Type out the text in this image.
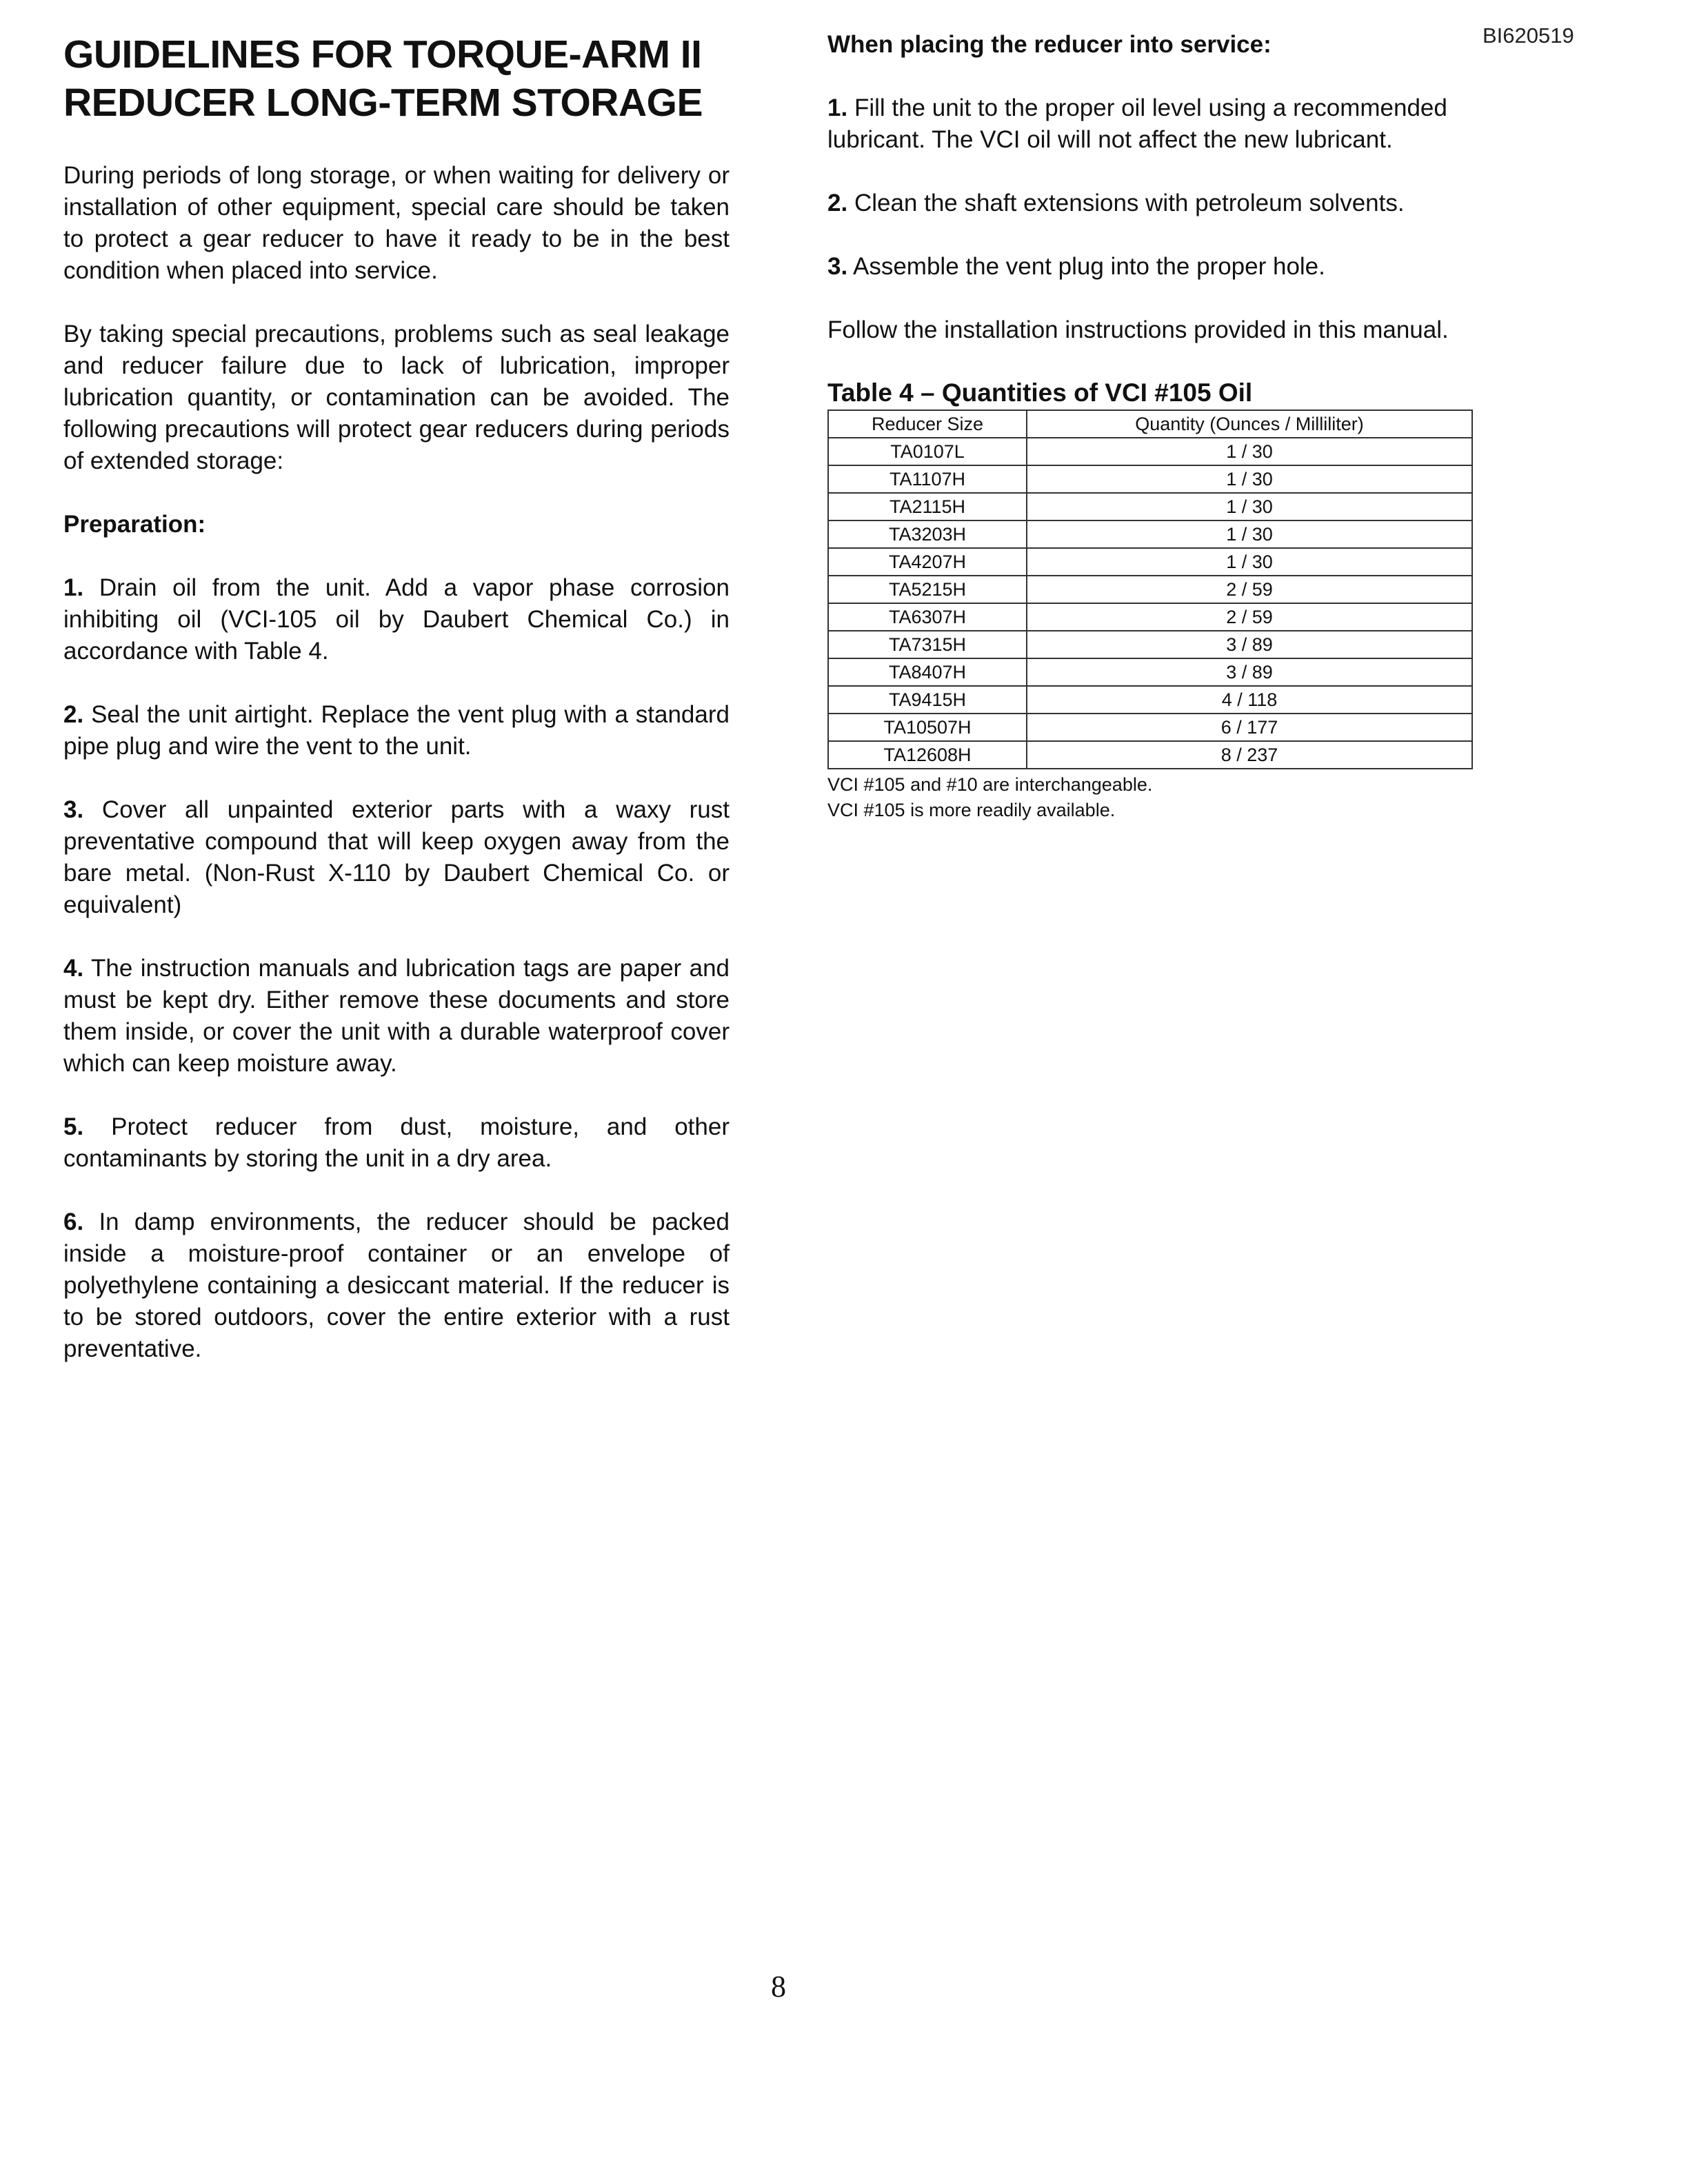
BI620519
GUIDELINES FOR TORQUE-ARM II
REDUCER LONG-TERM STORAGE

During periods of long storage, or when waiting for delivery or installation of other equipment, special care should be taken to protect a gear reducer to have it ready to be in the best condition when placed into service.

By taking special precautions, problems such as seal leakage and reducer failure due to lack of lubrication, improper lubrication quantity, or contamination can be avoided. The following precautions will protect gear reducers during periods of extended storage:

Preparation:

1. Drain oil from the unit. Add a vapor phase corrosion inhibiting oil (VCI-105 oil by Daubert Chemical Co.) in accordance with Table 4.

2. Seal the unit airtight. Replace the vent plug with a standard pipe plug and wire the vent to the unit.

3. Cover all unpainted exterior parts with a waxy rust preventative compound that will keep oxygen away from the bare metal. (Non-Rust X-110 by Daubert Chemical Co. or equivalent)

4. The instruction manuals and lubrication tags are paper and must be kept dry. Either remove these documents and store them inside, or cover the unit with a durable waterproof cover which can keep moisture away.

5. Protect reducer from dust, moisture, and other contaminants by storing the unit in a dry area.

6. In damp environments, the reducer should be packed inside a moisture-proof container or an envelope of polyethylene containing a desiccant material. If the reducer is to be stored outdoors, cover the entire exterior with a rust preventative.

When placing the reducer into service:

1. Fill the unit to the proper oil level using a recommended lubricant. The VCI oil will not affect the new lubricant.

2. Clean the shaft extensions with petroleum solvents.

3. Assemble the vent plug into the proper hole.

Follow the installation instructions provided in this manual.

Table 4 – Quantities of VCI #105 Oil
Reducer Size	Quantity (Ounces / Milliliter)
TA0107L	1 / 30
TA1107H	1 / 30
TA2115H	1 / 30
TA3203H	1 / 30
TA4207H	1 / 30
TA5215H	2 / 59
TA6307H	2 / 59
TA7315H	3 / 89
TA8407H	3 / 89
TA9415H	4 / 118
TA10507H	6 / 177
TA12608H	8 / 237

VCI #105 and #10 are interchangeable.

VCI #105 is more readily available.

8
